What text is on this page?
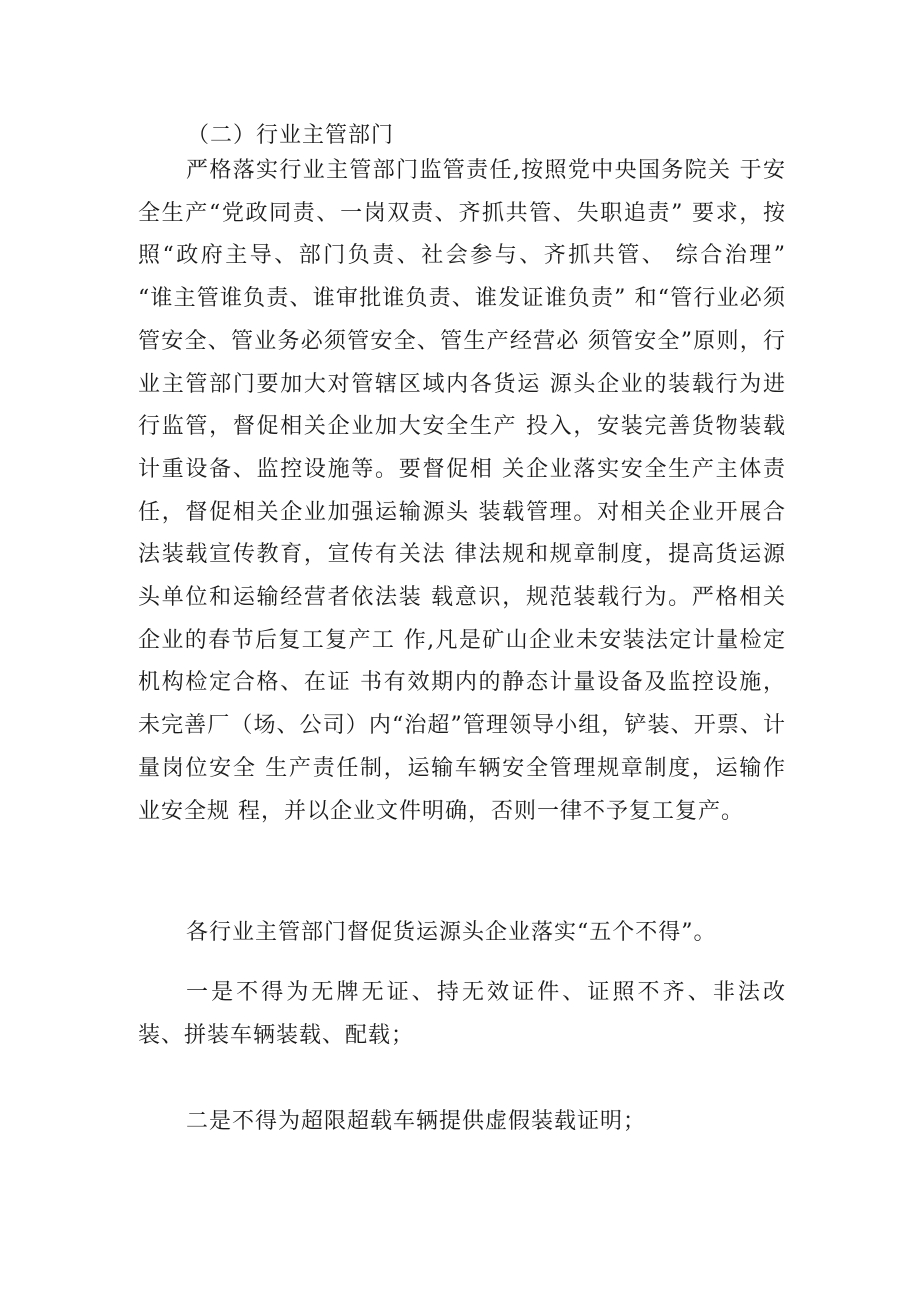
（二）行业主管部门

严格落实行业主管部门监管责任,按照党中央国务院关 于安全生产“党政同责、一岗双责、齐抓共管、失职追责” 要求，按照“政府主导、部门负责、社会参与、齐抓共管、 综合治理” “谁主管谁负责、谁审批谁负责、谁发证谁负责” 和“管行业必须管安全、管业务必须管安全、管生产经营必 须管安全”原则，行业主管部门要加大对管辖区域内各货运 源头企业的装载行为进行监管，督促相关企业加大安全生产 投入，安装完善货物装载计重设备、监控设施等。要督促相 关企业落实安全生产主体责任，督促相关企业加强运输源头 装载管理。对相关企业开展合法装载宣传教育，宣传有关法 律法规和规章制度，提高货运源头单位和运输经营者依法装 载意识，规范装载行为。严格相关企业的春节后复工复产工 作,凡是矿山企业未安装法定计量检定机构检定合格、在证 书有效期内的静态计量设备及监控设施，未完善厂（场、公司）内“治超”管理领导小组，铲装、开票、计量岗位安全 生产责任制，运输车辆安全管理规章制度，运输作业安全规 程，并以企业文件明确，否则一律不予复工复产。

各行业主管部门督促货运源头企业落实“五个不得”。

一是不得为无牌无证、持无效证件、证照不齐、非法改 装、拼装车辆装载、配载；

二是不得为超限超载车辆提供虚假装载证明；
